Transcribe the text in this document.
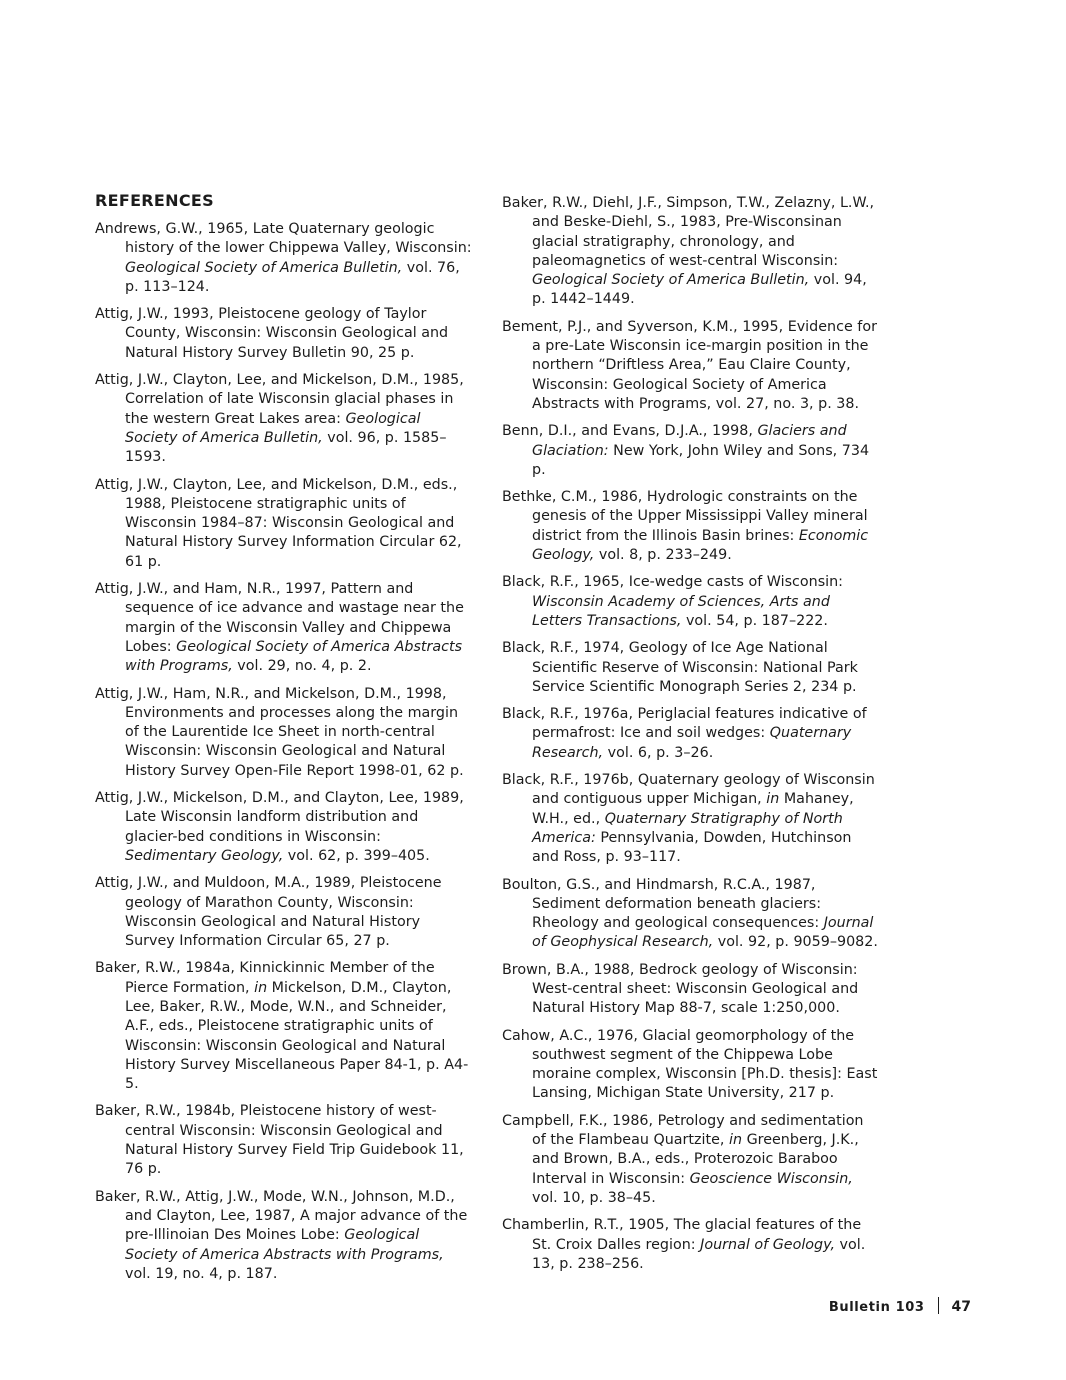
REFERENCES
Andrews, G.W., 1965, Late Quaternary geologic history of the lower Chippewa Valley, Wisconsin: Geological Society of America Bulletin, vol. 76, p. 113–124.
Attig, J.W., 1993, Pleistocene geology of Taylor County, Wisconsin: Wisconsin Geological and Natural History Survey Bulletin 90, 25 p.
Attig, J.W., Clayton, Lee, and Mickelson, D.M., 1985, Correlation of late Wisconsin glacial phases in the western Great Lakes area: Geological Society of America Bulletin, vol. 96, p. 1585–1593.
Attig, J.W., Clayton, Lee, and Mickelson, D.M., eds., 1988, Pleistocene stratigraphic units of Wisconsin 1984–87: Wisconsin Geological and Natural History Survey Information Circular 62, 61 p.
Attig, J.W., and Ham, N.R., 1997, Pattern and sequence of ice advance and wastage near the margin of the Wisconsin Valley and Chippewa Lobes: Geological Society of America Abstracts with Programs, vol. 29, no. 4, p. 2.
Attig, J.W., Ham, N.R., and Mickelson, D.M., 1998, Environments and processes along the margin of the Laurentide Ice Sheet in north-central Wisconsin: Wisconsin Geological and Natural History Survey Open-File Report 1998-01, 62 p.
Attig, J.W., Mickelson, D.M., and Clayton, Lee, 1989, Late Wisconsin landform distribution and glacier-bed conditions in Wisconsin: Sedimentary Geology, vol. 62, p. 399–405.
Attig, J.W., and Muldoon, M.A., 1989, Pleistocene geology of Marathon County, Wisconsin: Wisconsin Geological and Natural History Survey Information Circular 65, 27 p.
Baker, R.W., 1984a, Kinnickinnic Member of the Pierce Formation, in Mickelson, D.M., Clayton, Lee, Baker, R.W., Mode, W.N., and Schneider, A.F., eds., Pleistocene stratigraphic units of Wisconsin: Wisconsin Geological and Natural History Survey Miscellaneous Paper 84-1, p. A4-5.
Baker, R.W., 1984b, Pleistocene history of west-central Wisconsin: Wisconsin Geological and Natural History Survey Field Trip Guidebook 11, 76 p.
Baker, R.W., Attig, J.W., Mode, W.N., Johnson, M.D., and Clayton, Lee, 1987, A major advance of the pre-Illinoian Des Moines Lobe: Geological Society of America Abstracts with Programs, vol. 19, no. 4, p. 187.
Baker, R.W., Diehl, J.F., Simpson, T.W., Zelazny, L.W., and Beske-Diehl, S., 1983, Pre-Wisconsinan glacial stratigraphy, chronology, and paleomagnetics of west-central Wisconsin: Geological Society of America Bulletin, vol. 94, p. 1442–1449.
Bement, P.J., and Syverson, K.M., 1995, Evidence for a pre-Late Wisconsin ice-margin position in the northern “Driftless Area,” Eau Claire County, Wisconsin: Geological Society of America Abstracts with Programs, vol. 27, no. 3, p. 38.
Benn, D.I., and Evans, D.J.A., 1998, Glaciers and Glaciation: New York, John Wiley and Sons, 734 p.
Bethke, C.M., 1986, Hydrologic constraints on the genesis of the Upper Mississippi Valley mineral district from the Illinois Basin brines: Economic Geology, vol. 8, p. 233–249.
Black, R.F., 1965, Ice-wedge casts of Wisconsin: Wisconsin Academy of Sciences, Arts and Letters Transactions, vol. 54, p. 187–222.
Black, R.F., 1974, Geology of Ice Age National Scientific Reserve of Wisconsin: National Park Service Scientific Monograph Series 2, 234 p.
Black, R.F., 1976a, Periglacial features indicative of permafrost: Ice and soil wedges: Quaternary Research, vol. 6, p. 3–26.
Black, R.F., 1976b, Quaternary geology of Wisconsin and contiguous upper Michigan, in Mahaney, W.H., ed., Quaternary Stratigraphy of North America: Pennsylvania, Dowden, Hutchinson and Ross, p. 93–117.
Boulton, G.S., and Hindmarsh, R.C.A., 1987, Sediment deformation beneath glaciers: Rheology and geological consequences: Journal of Geophysical Research, vol. 92, p. 9059–9082.
Brown, B.A., 1988, Bedrock geology of Wisconsin: West-central sheet: Wisconsin Geological and Natural History Map 88-7, scale 1:250,000.
Cahow, A.C., 1976, Glacial geomorphology of the southwest segment of the Chippewa Lobe moraine complex, Wisconsin [Ph.D. thesis]: East Lansing, Michigan State University, 217 p.
Campbell, F.K., 1986, Petrology and sedimentation of the Flambeau Quartzite, in Greenberg, J.K., and Brown, B.A., eds., Proterozoic Baraboo Interval in Wisconsin: Geoscience Wisconsin, vol. 10, p. 38–45.
Chamberlin, R.T., 1905, The glacial features of the St. Croix Dalles region: Journal of Geology, vol. 13, p. 238–256.
Bulletin 103 47
